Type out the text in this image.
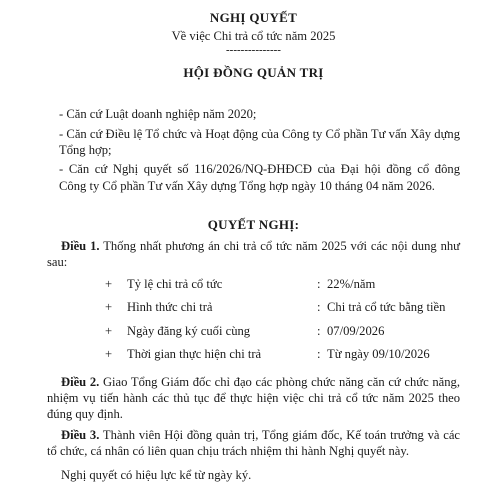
NGHỊ QUYẾT

Về việc Chi trả cổ tức năm 2025

---------------

HỘI ĐỒNG QUẢN TRỊ

- Căn cứ Luật doanh nghiệp năm 2020;

- Căn cứ Điều lệ Tổ chức và Hoạt động của Công ty Cổ phần Tư vấn Xây dựng Tổng hợp;

- Căn cứ Nghị quyết số 116/2026/NQ-ĐHĐCĐ của Đại hội đồng cổ đông Công ty Cổ phần Tư vấn Xây dựng Tổng hợp ngày 10 tháng 04 năm 2026.

QUYẾT NGHỊ:

Điều 1. Thống nhất phương án chi trả cổ tức năm 2025 với các nội dung như sau:

+	Tỷ lệ chi trả cổ tức	: 22%/năm
+	Hình thức chi trả	: Chi trả cổ tức bằng tiền
+	Ngày đăng ký cuối cùng	: 07/09/2026
+	Thời gian thực hiện chi trả	: Từ ngày 09/10/2026

Điều 2. Giao Tổng Giám đốc chỉ đạo các phòng chức năng căn cứ chức năng, nhiệm vụ tiến hành các thủ tục để thực hiện việc chi trả cổ tức năm 2025 theo đúng quy định.

Điều 3. Thành viên Hội đồng quản trị, Tổng giám đốc, Kế toán trưởng và các tổ chức, cá nhân có liên quan chịu trách nhiệm thi hành Nghị quyết này.

Nghị quyết có hiệu lực kể từ ngày ký.
